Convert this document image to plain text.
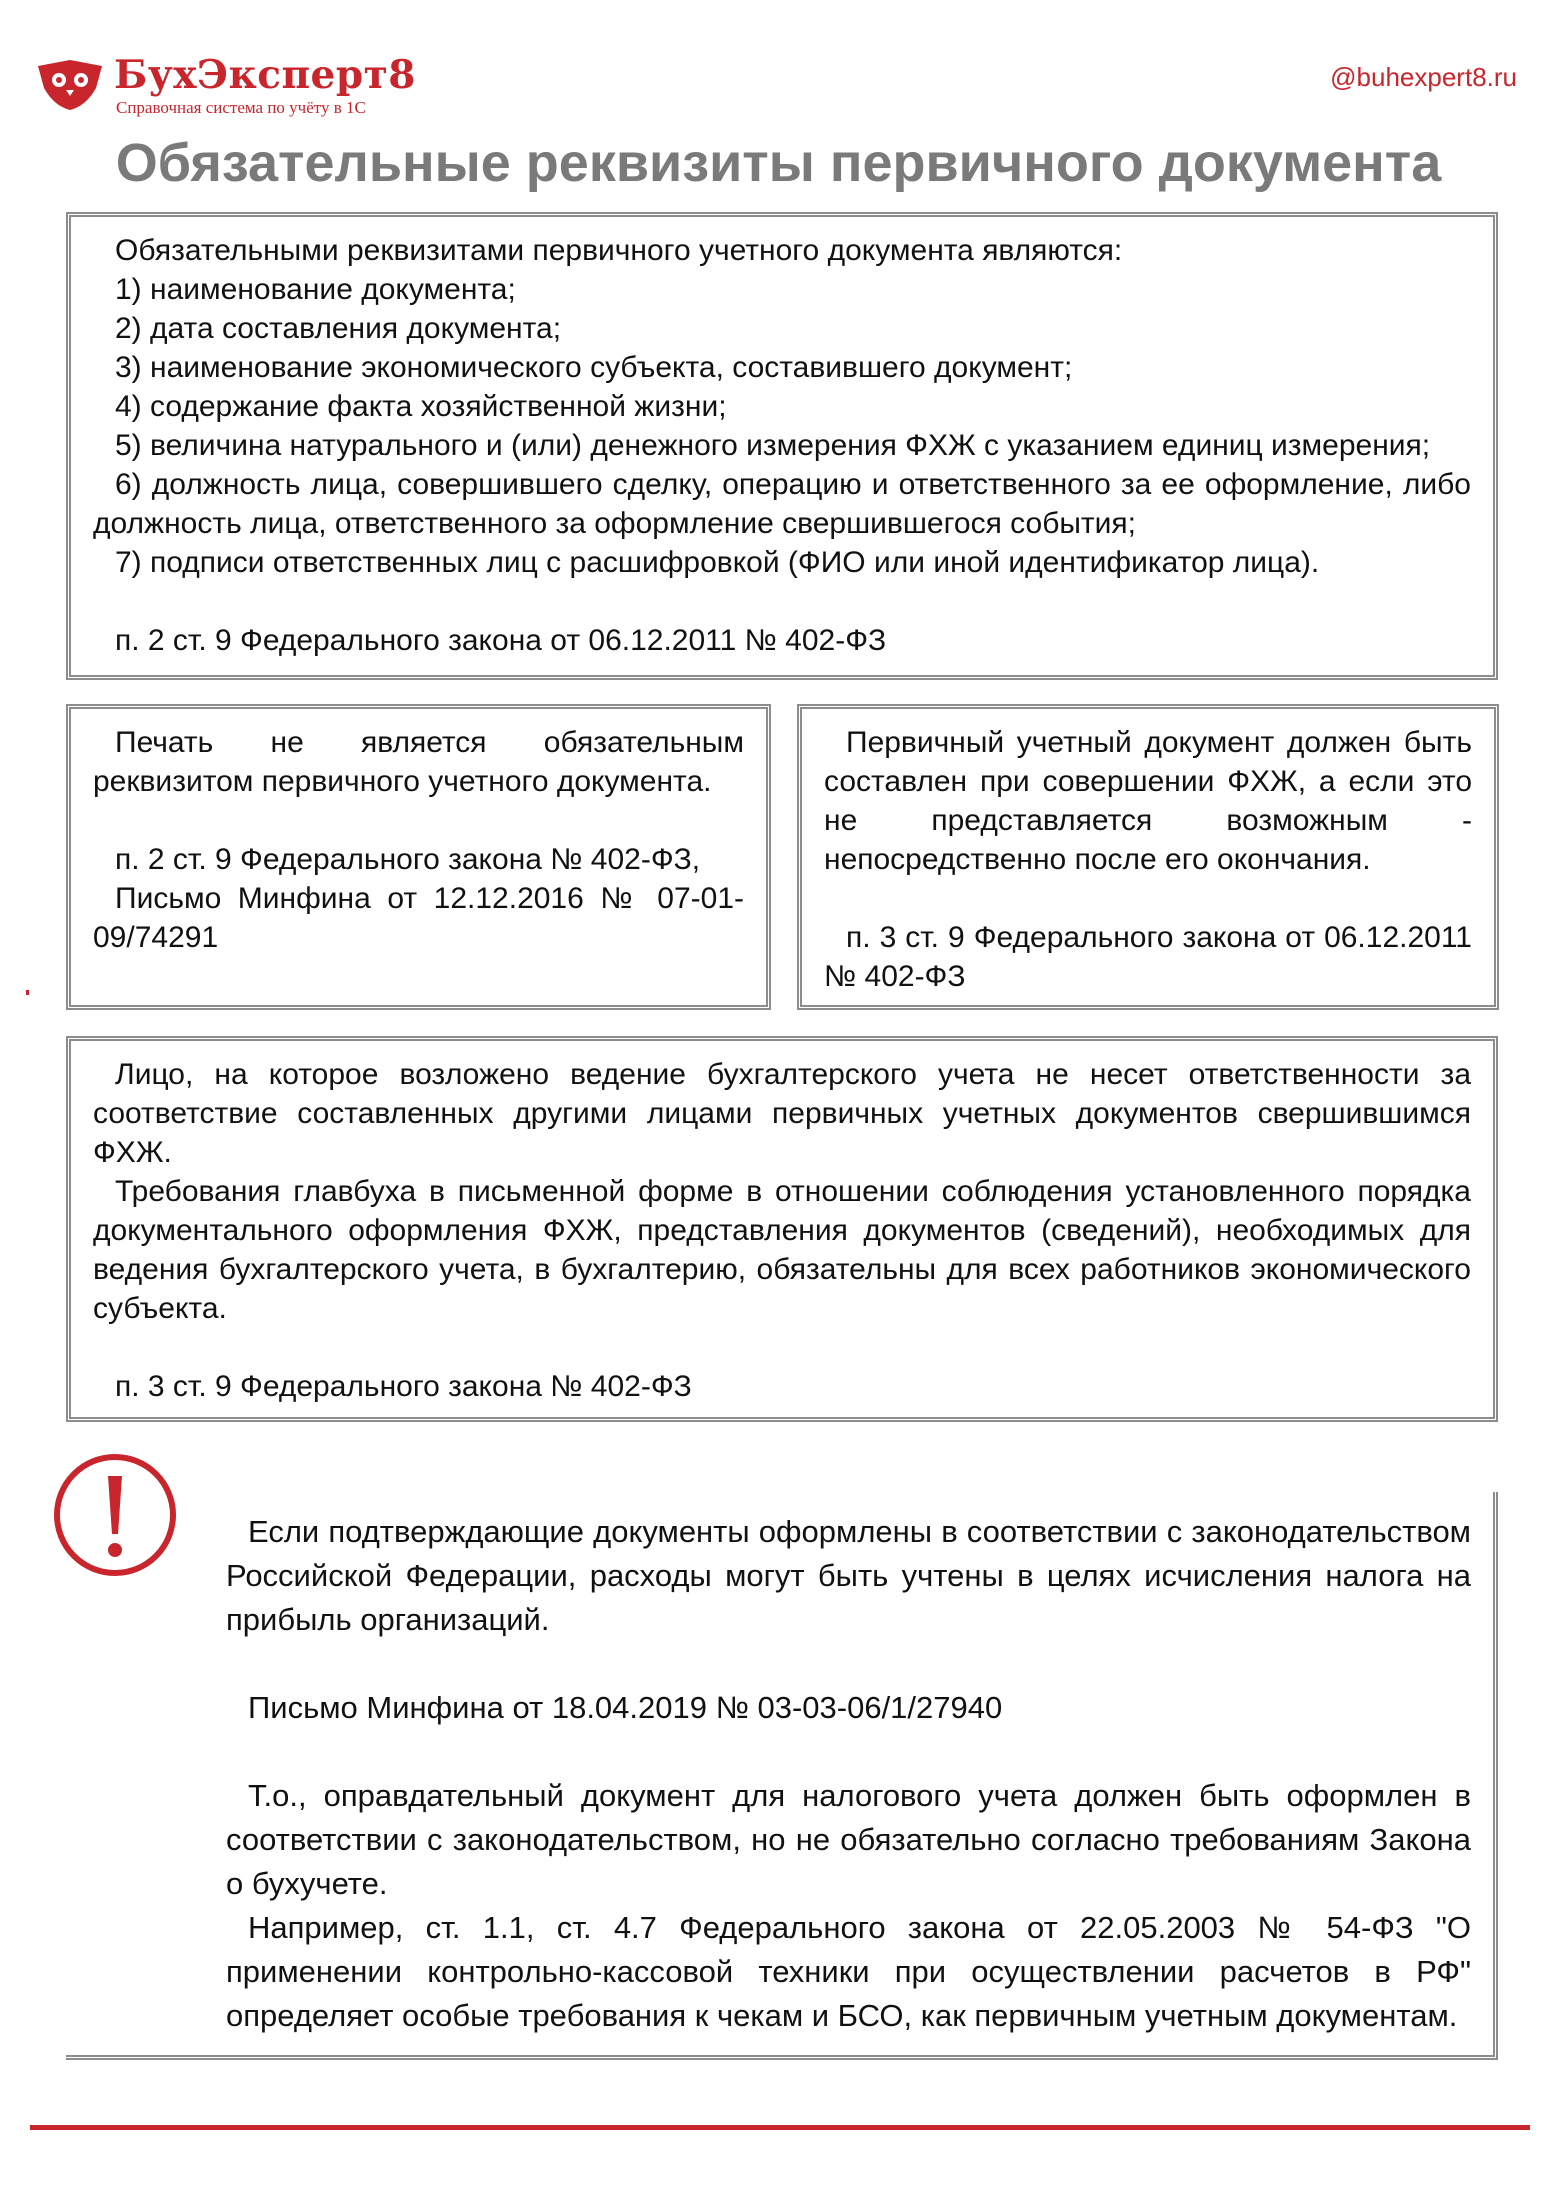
БухЭксперт8
Справочная система по учёту в 1С
@buhexpert8.ru
Обязательные реквизиты первичного документа

Обязательными реквизитами первичного учетного документа являются:

1) наименование документа;

2) дата составления документа;

3) наименование экономического субъекта, составившего документ;

4) содержание факта хозяйственной жизни;

5) величина натурального и (или) денежного измерения ФХЖ с указанием единиц измерения;

6) должность лица, совершившего сделку, операцию и ответственного за ее оформление, либо должность лица, ответственного за оформление свершившегося события;

7) подписи ответственных лиц с расшифровкой (ФИО или иной идентификатор лица).

п. 2 ст. 9 Федерального закона от 06.12.2011 № 402-ФЗ

Печать не является обязательным реквизитом первичного учетного документа.

п. 2 ст. 9 Федерального закона № 402-ФЗ,

Письмо Минфина от 12.12.2016 № 07-01-09/74291

Первичный учетный документ должен быть составлен при совершении ФХЖ, а если это не представляется возможным - непосредственно после его окончания.

п. 3 ст. 9 Федерального закона от 06.12.2011 № 402-ФЗ

Лицо, на которое возложено ведение бухгалтерского учета не несет ответственности за соответствие составленных другими лицами первичных учетных документов свершившимся ФХЖ.

Требования главбуха в письменной форме в отношении соблюдения установленного порядка документального оформления ФХЖ, представления документов (сведений), необходимых для ведения бухгалтерского учета, в бухгалтерию, обязательны для всех работников экономического субъекта.

п. 3 ст. 9 Федерального закона № 402-ФЗ

Если подтверждающие документы оформлены в соответствии с законодательством Российской Федерации, расходы могут быть учтены в целях исчисления налога на прибыль организаций.

Письмо Минфина от 18.04.2019 № 03-03-06/1/27940

Т.о., оправдательный документ для налогового учета должен быть оформлен в соответствии с законодательством, но не обязательно согласно требованиям Закона о бухучете.

Например, ст. 1.1, ст. 4.7 Федерального закона от 22.05.2003 № 54-ФЗ "О применении контрольно-кассовой техники при осуществлении расчетов в РФ" определяет особые требования к чекам и БСО, как первичным учетным документам.
